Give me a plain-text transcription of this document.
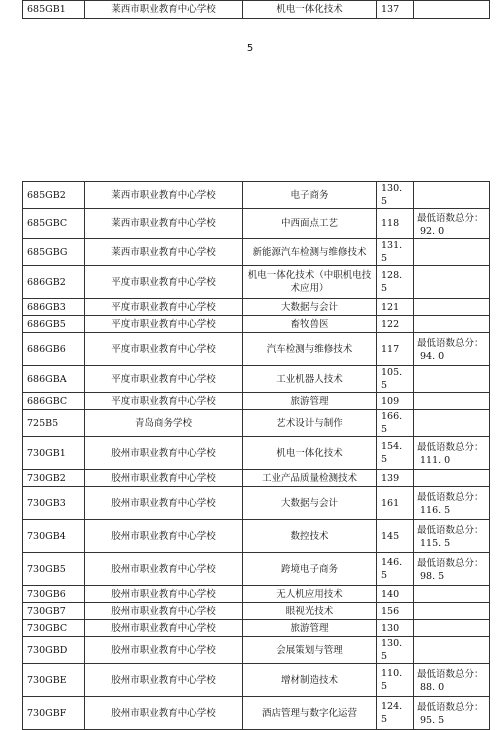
685GB1	莱西市职业教育中心学校	机电一体化技术	137	
5
685GB2	莱西市职业教育中心学校	电子商务	130. 5	

685GBC	莱西市职业教育中心学校	中西面点工艺	118	最低语数总分：
92. 0

685GBG	莱西市职业教育中心学校	新能源汽车检测与维修技术	131. 5	

686GB2	平度市职业教育中心学校	机电一体化技术（中职机电技术应用）	128. 5	

686GB3	平度市职业教育中心学校	大数据与会计	121	

686GB5	平度市职业教育中心学校	畜牧兽医	122	

686GB6	平度市职业教育中心学校	汽车检测与维修技术	117	最低语数总分：
94. 0

686GBA	平度市职业教育中心学校	工业机器人技术	105. 5	

686GBC	平度市职业教育中心学校	旅游管理	109	

725B5	青岛商务学校	艺术设计与制作	166. 5	

730GB1	胶州市职业教育中心学校	机电一体化技术	154. 5	最低语数总分：
111. 0

730GB2	胶州市职业教育中心学校	工业产品质量检测技术	139	

730GB3	胶州市职业教育中心学校	大数据与会计	161	最低语数总分：
116. 5

730GB4	胶州市职业教育中心学校	数控技术	145	最低语数总分：
115. 5

730GB5	胶州市职业教育中心学校	跨境电子商务	146. 5	最低语数总分：
98. 5

730GB6	胶州市职业教育中心学校	无人机应用技术	140	

730GB7	胶州市职业教育中心学校	眼视光技术	156	

730GBC	胶州市职业教育中心学校	旅游管理	130	

730GBD	胶州市职业教育中心学校	会展策划与管理	130. 5	

730GBE	胶州市职业教育中心学校	增材制造技术	110. 5	最低语数总分：
88. 0

730GBF	胶州市职业教育中心学校	酒店管理与数字化运营	124. 5	最低语数总分：
95. 5
